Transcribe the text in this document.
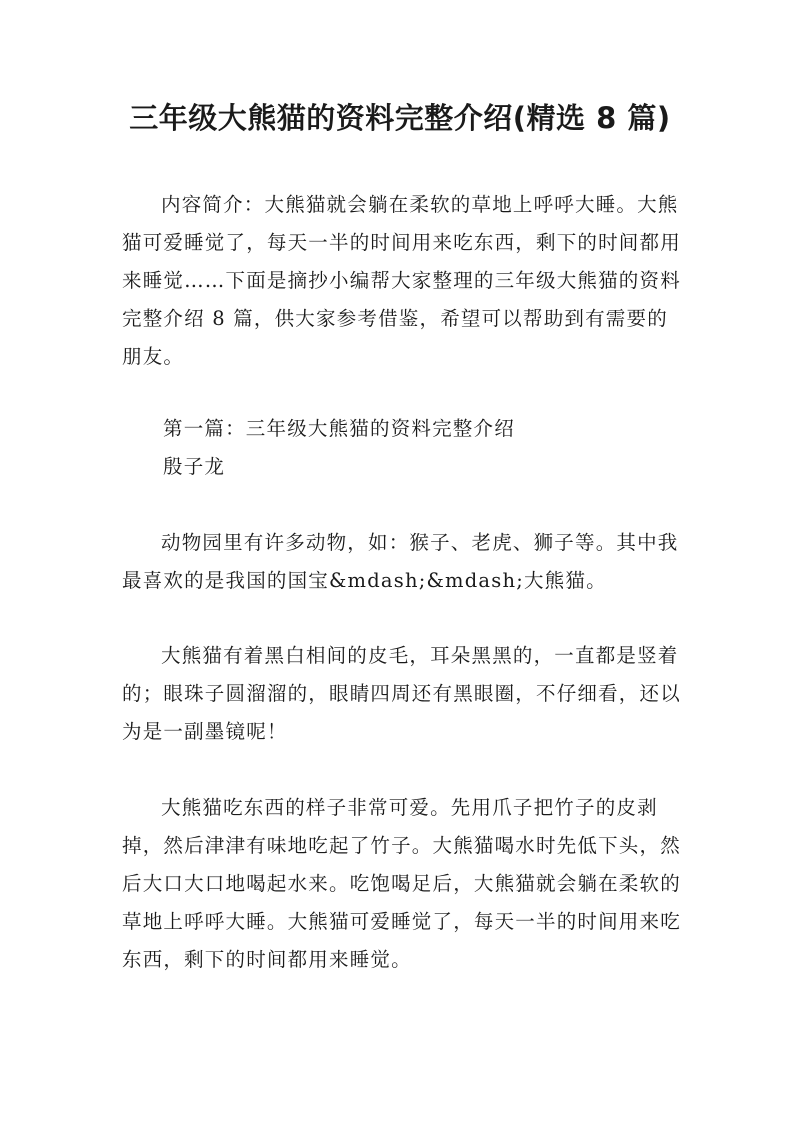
三年级大熊猫的资料完整介绍(精选 8 篇)

内容简介：大熊猫就会躺在柔软的草地上呼呼大睡。大熊猫可爱睡觉了，每天一半的时间用来吃东西，剩下的时间都用来睡觉……下面是摘抄小编帮大家整理的三年级大熊猫的资料完整介绍 8 篇，供大家参考借鉴，希望可以帮助到有需要的朋友。

第一篇：三年级大熊猫的资料完整介绍
殷子龙

动物园里有许多动物，如：猴子、老虎、狮子等。其中我最喜欢的是我国的国宝&mdash;&mdash;大熊猫。

大熊猫有着黑白相间的皮毛，耳朵黑黑的，一直都是竖着的；眼珠子圆溜溜的，眼睛四周还有黑眼圈，不仔细看，还以为是一副墨镜呢！

大熊猫吃东西的样子非常可爱。先用爪子把竹子的皮剥掉，然后津津有味地吃起了竹子。大熊猫喝水时先低下头，然后大口大口地喝起水来。吃饱喝足后，大熊猫就会躺在柔软的草地上呼呼大睡。大熊猫可爱睡觉了，每天一半的时间用来吃东西，剩下的时间都用来睡觉。
